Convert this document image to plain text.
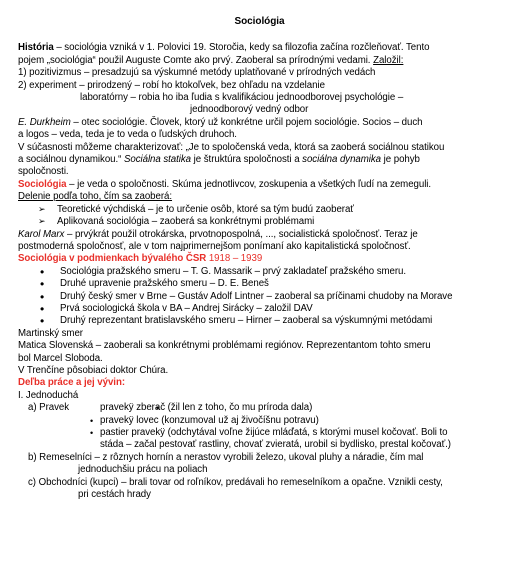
Sociológia

História – sociológia vzniká v 1. Polovici 19. Storočia, kedy sa filozofia začína rozčleňovať. Tento

pojem „sociológia“ použil Auguste Comte ako prvý. Zaoberal sa prírodnými vedami. Založil:

1) pozitivizmus – presadzuj​ú sa výskumné metódy uplatňované v prírodných vedách

2) experiment – prirodzený – robí ho ktokoľvek, bez ohľadu na vzdelanie

laboratórny – robia ho iba ľudia s kvalifikáciou jednoodborovej psychológie –

jednoodborový vedný odbor

E. Durkheim – otec sociológie. Človek, ktorý už konkrétne určil pojem sociológie. Socios – duch

a logos – veda, teda je to veda o ľudských druhoch.

V súčasnosti môžeme charakterizovať: „Je to spoločenská veda, ktorá sa zaoberá sociálnou statikou

a sociálnou dynamikou.“ Sociálna statika je štruktúra spoločnosti a sociálna dynamika je pohyb

spoločnosti.

Sociológia – je veda o spoločnosti. Skúma jednotlivcov, zoskupenia a všetkých ľudí na zemeguli.

Delenie podľa toho, čím sa zaoberá:

➢ Teoretické výchdiská – je to určenie osôb, ktoré sa tým budú zaoberať
➢ Aplikovaná sociológia – zaoberá sa konkrétnymi problémami

Karol Marx – prvýkrát použil otrokárska, prvotnopospolná, ..., socialistická spoločnosť. Teraz je

postmoderná spoločnosť, ale v tom najprimernejšom ponímaní ako kapitalistická spoločnosť.

Sociológia v podmienkach bývalého ČSR 1918 – 1939

• Sociológia pražského smeru – T. G. Massarik – prvý zakladateľ pražského smeru.
• Druhé upravenie pražského smeru – D. E. Beneš
• Druhý český smer v Brne – Gustáv Adolf Lintner – zaoberal sa príčinami chudoby na Morave
• Prvá sociologická škola v BA – Andrej Sirácky – založil DAV
• Druhý reprezentant bratislavského smeru – Hirner – zaoberal sa výskumnými metódami

Martinský smer

Matica Slovenská – zaoberali sa konkrétnymi problémami regiónov. Reprezentantom tohto smeru

bol Marcel Sloboda.

V Trenčíne pôsobiaci doktor Chúra.

Deľba práce a jej vývin:

I. Jednoduchá

a) Pravek

•	pravekÿ zberač (žil len z toho, čo mu príroda dala)

• pravekÿ lovec (konzumoval už aj živočíšnu potravu)

• pastier pravekÿ (odchytával voľne žijúce mláďatá, s ktorými musel kočovať. Boli to

stáda – začal pestovať rastliny, chovať zvieratá, urobil si bydlisko, prestal kočovať.)

b) Remeselníci – z rôznych hornín a nerastov vyrobili železo, ukoval pluhy a náradie, čím mal

jednoduchšiu prácu na poliach

c) Obchodníci (kupci) – brali tovar od roľníkov, predávali ho remeselníkom a opačne. Vznikli cesty,

pri cestách hrady
